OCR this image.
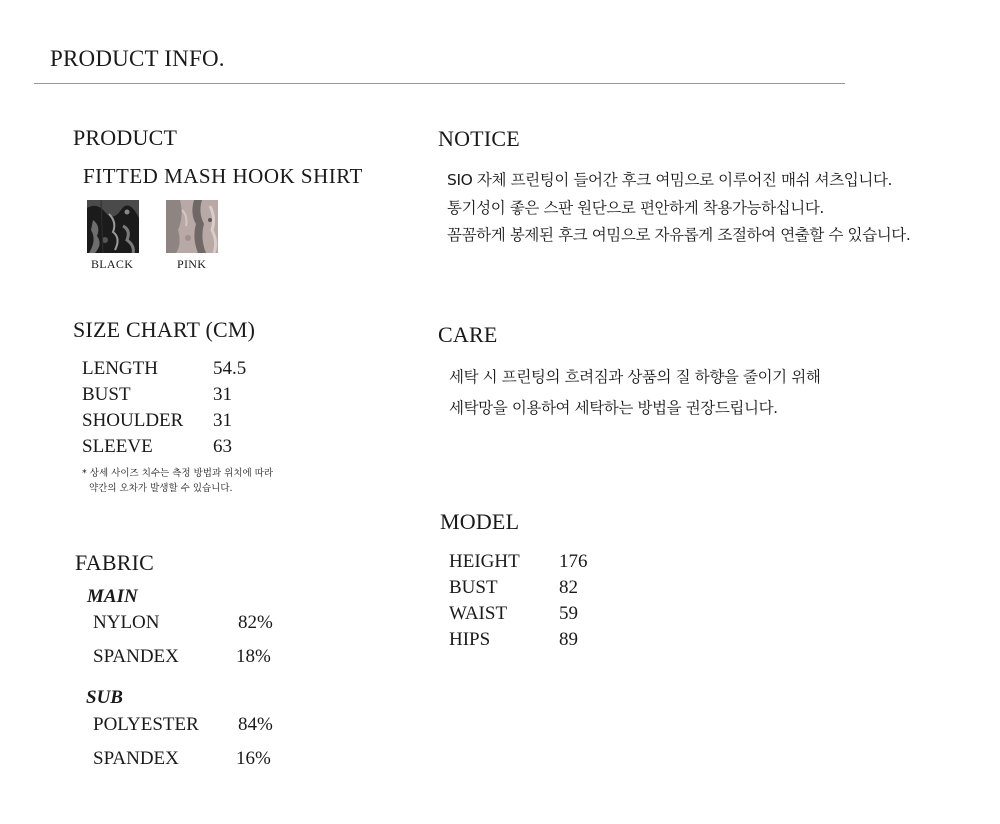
PRODUCT INFO.
PRODUCT
FITTED MASH HOOK SHIRT
BLACK	PINK
SIZE CHART (CM)
LENGTH	54.5
BUST	31
SHOULDER 31
SLEEVE	63
* 상세 사이즈 치수는 측정 방법과 위치에 따라
약간의 오차가 발생할 수 있습니다.
FABRIC
MAIN
NYLON	82%
SPANDEX	18%
SUB
POLYESTER 84%
SPANDEX	16%
NOTICE
SIO 자체 프린팅이 들어간 후크 여밈으로 이루어진 매쉬 셔츠입니다.
통기성이 좋은 스판 원단으로 편안하게 착용가능하십니다.
꼼꼼하게 봉제된 후크 여밈으로 자유롭게 조절하여 연출할 수 있습니다.
CARE
세탁 시 프린팅의 흐려짐과 상품의 질 하향을 줄이기 위해
세탁망을 이용하여 세탁하는 방법을 권장드립니다.
MODEL
HEIGHT 176
BUST	82
WAIST	59
HIPS	89
